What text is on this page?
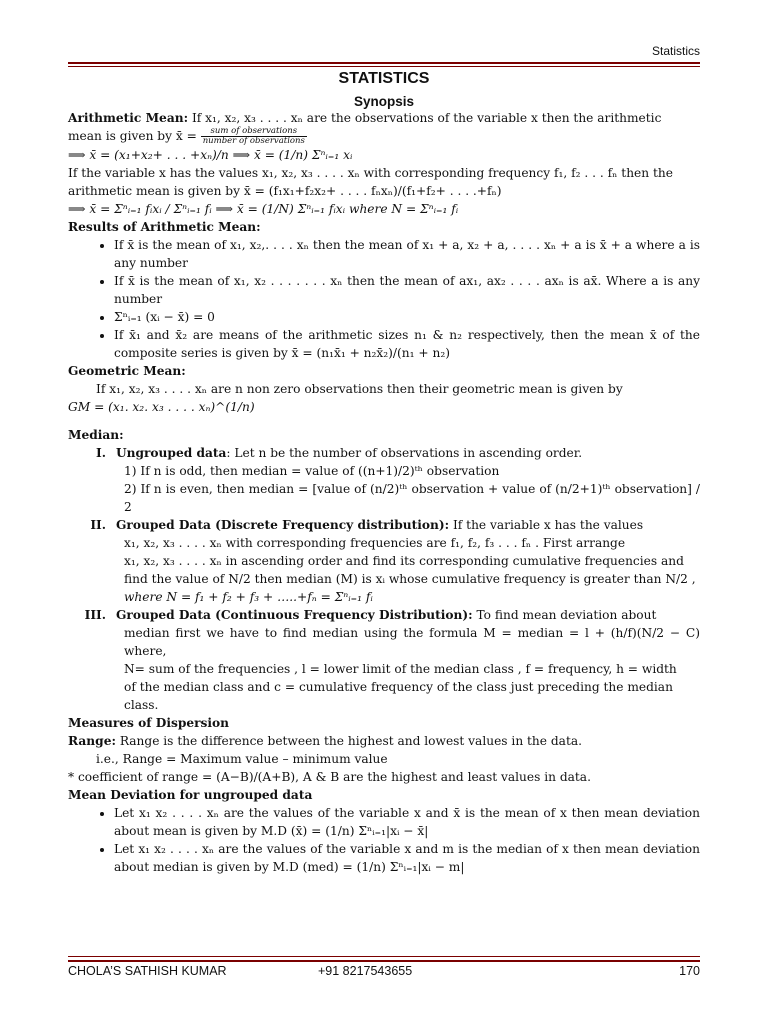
Statistics
STATISTICS
Synopsis

Arithmetic Mean: If x₁, x₂, x₃ . . . . xₙ are the observations of the variable x then the arithmetic

mean is given by x̄ = $\frac{\text{sum of observations}}{\text{number of observations}}$

⟹ x̄ = (x₁+x₂+ . . . +xₙ)/n ⟹ x̄ = (1/n) Σⁿᵢ₌₁ xᵢ

If the variable x has the values x₁, x₂, x₃ . . . . xₙ with corresponding frequency f₁, f₂ . . . fₙ then the

arithmetic mean is given by x̄ = (f₁x₁+f₂x₂+ . . . . fₙxₙ)/(f₁+f₂+ . . . .+fₙ)

⟹ x̄ = Σⁿᵢ₌₁ fᵢxᵢ / Σⁿᵢ₌₁ fᵢ ⟹ x̄ = (1/N) Σⁿᵢ₌₁ fᵢxᵢ where N = Σⁿᵢ₌₁ fᵢ

Results of Arithmetic Mean:

• If x̄ is the mean of x₁, x₂,. . . . xₙ then the mean of x₁ + a, x₂ + a, . . . . xₙ + a is x̄ + a where a is any number
• If x̄ is the mean of x₁, x₂ . . . . . . . xₙ then the mean of ax₁, ax₂ . . . . axₙ is ax̄. Where a is any number
• Σⁿᵢ₌₁ (xᵢ − x̄) = 0
• If x̄₁ and x̄₂ are means of the arithmetic sizes n₁ & n₂ respectively, then the mean x̄ of the composite series is given by x̄ = (n₁x̄₁ + n₂x̄₂)/(n₁ + n₂)

Geometric Mean:

If x₁, x₂, x₃ . . . . xₙ are n non zero observations then their geometric mean is given by

GM = (x₁. x₂. x₃ . . . . xₙ)^(1/n)

Median:

I. Ungrouped data: Let n be the number of observations in ascending order.

1) If n is odd, then median = value of ((n+1)/2)ᵗʰ observation

2) If n is even, then median = [value of (n/2)ᵗʰ observation + value of (n/2+1)ᵗʰ observation] / 2

II. Grouped Data (Discrete Frequency distribution): If the variable x has the values

x₁, x₂, x₃ . . . . xₙ with corresponding frequencies are f₁, f₂, f₃ . . . fₙ . First arrange

x₁, x₂, x₃ . . . . xₙ in ascending order and find its corresponding cumulative frequencies and

find the value of N/2 then median (M) is xᵢ whose cumulative frequency is greater than N/2 ,

where N = f₁ + f₂ + f₃ + …..+fₙ = Σⁿᵢ₌₁ fᵢ

III. Grouped Data (Continuous Frequency Distribution): To find mean deviation about

median first we have to find median using the formula M = median = l + (h/f)(N/2 − C) where,

N= sum of the frequencies , l = lower limit of the median class , f = frequency, h = width

of the median class and c = cumulative frequency of the class just preceding the median

class.

Measures of Dispersion

Range: Range is the difference between the highest and lowest values in the data.

i.e., Range = Maximum value – minimum value

* coefficient of range = (A−B)/(A+B), A & B are the highest and least values in data.

Mean Deviation for ungrouped data

• Let x₁ x₂ . . . . xₙ are the values of the variable x and x̄ is the mean of x then mean deviation about mean is given by M.D (x̄) = (1/n) Σⁿᵢ₌₁|xᵢ − x̄|
• Let x₁ x₂ . . . . xₙ are the values of the variable x and m is the median of x then mean deviation about median is given by M.D (med) = (1/n) Σⁿᵢ₌₁|xᵢ − m|
CHOLA’S SATHISH KUMAR	+91 8217543655	170
